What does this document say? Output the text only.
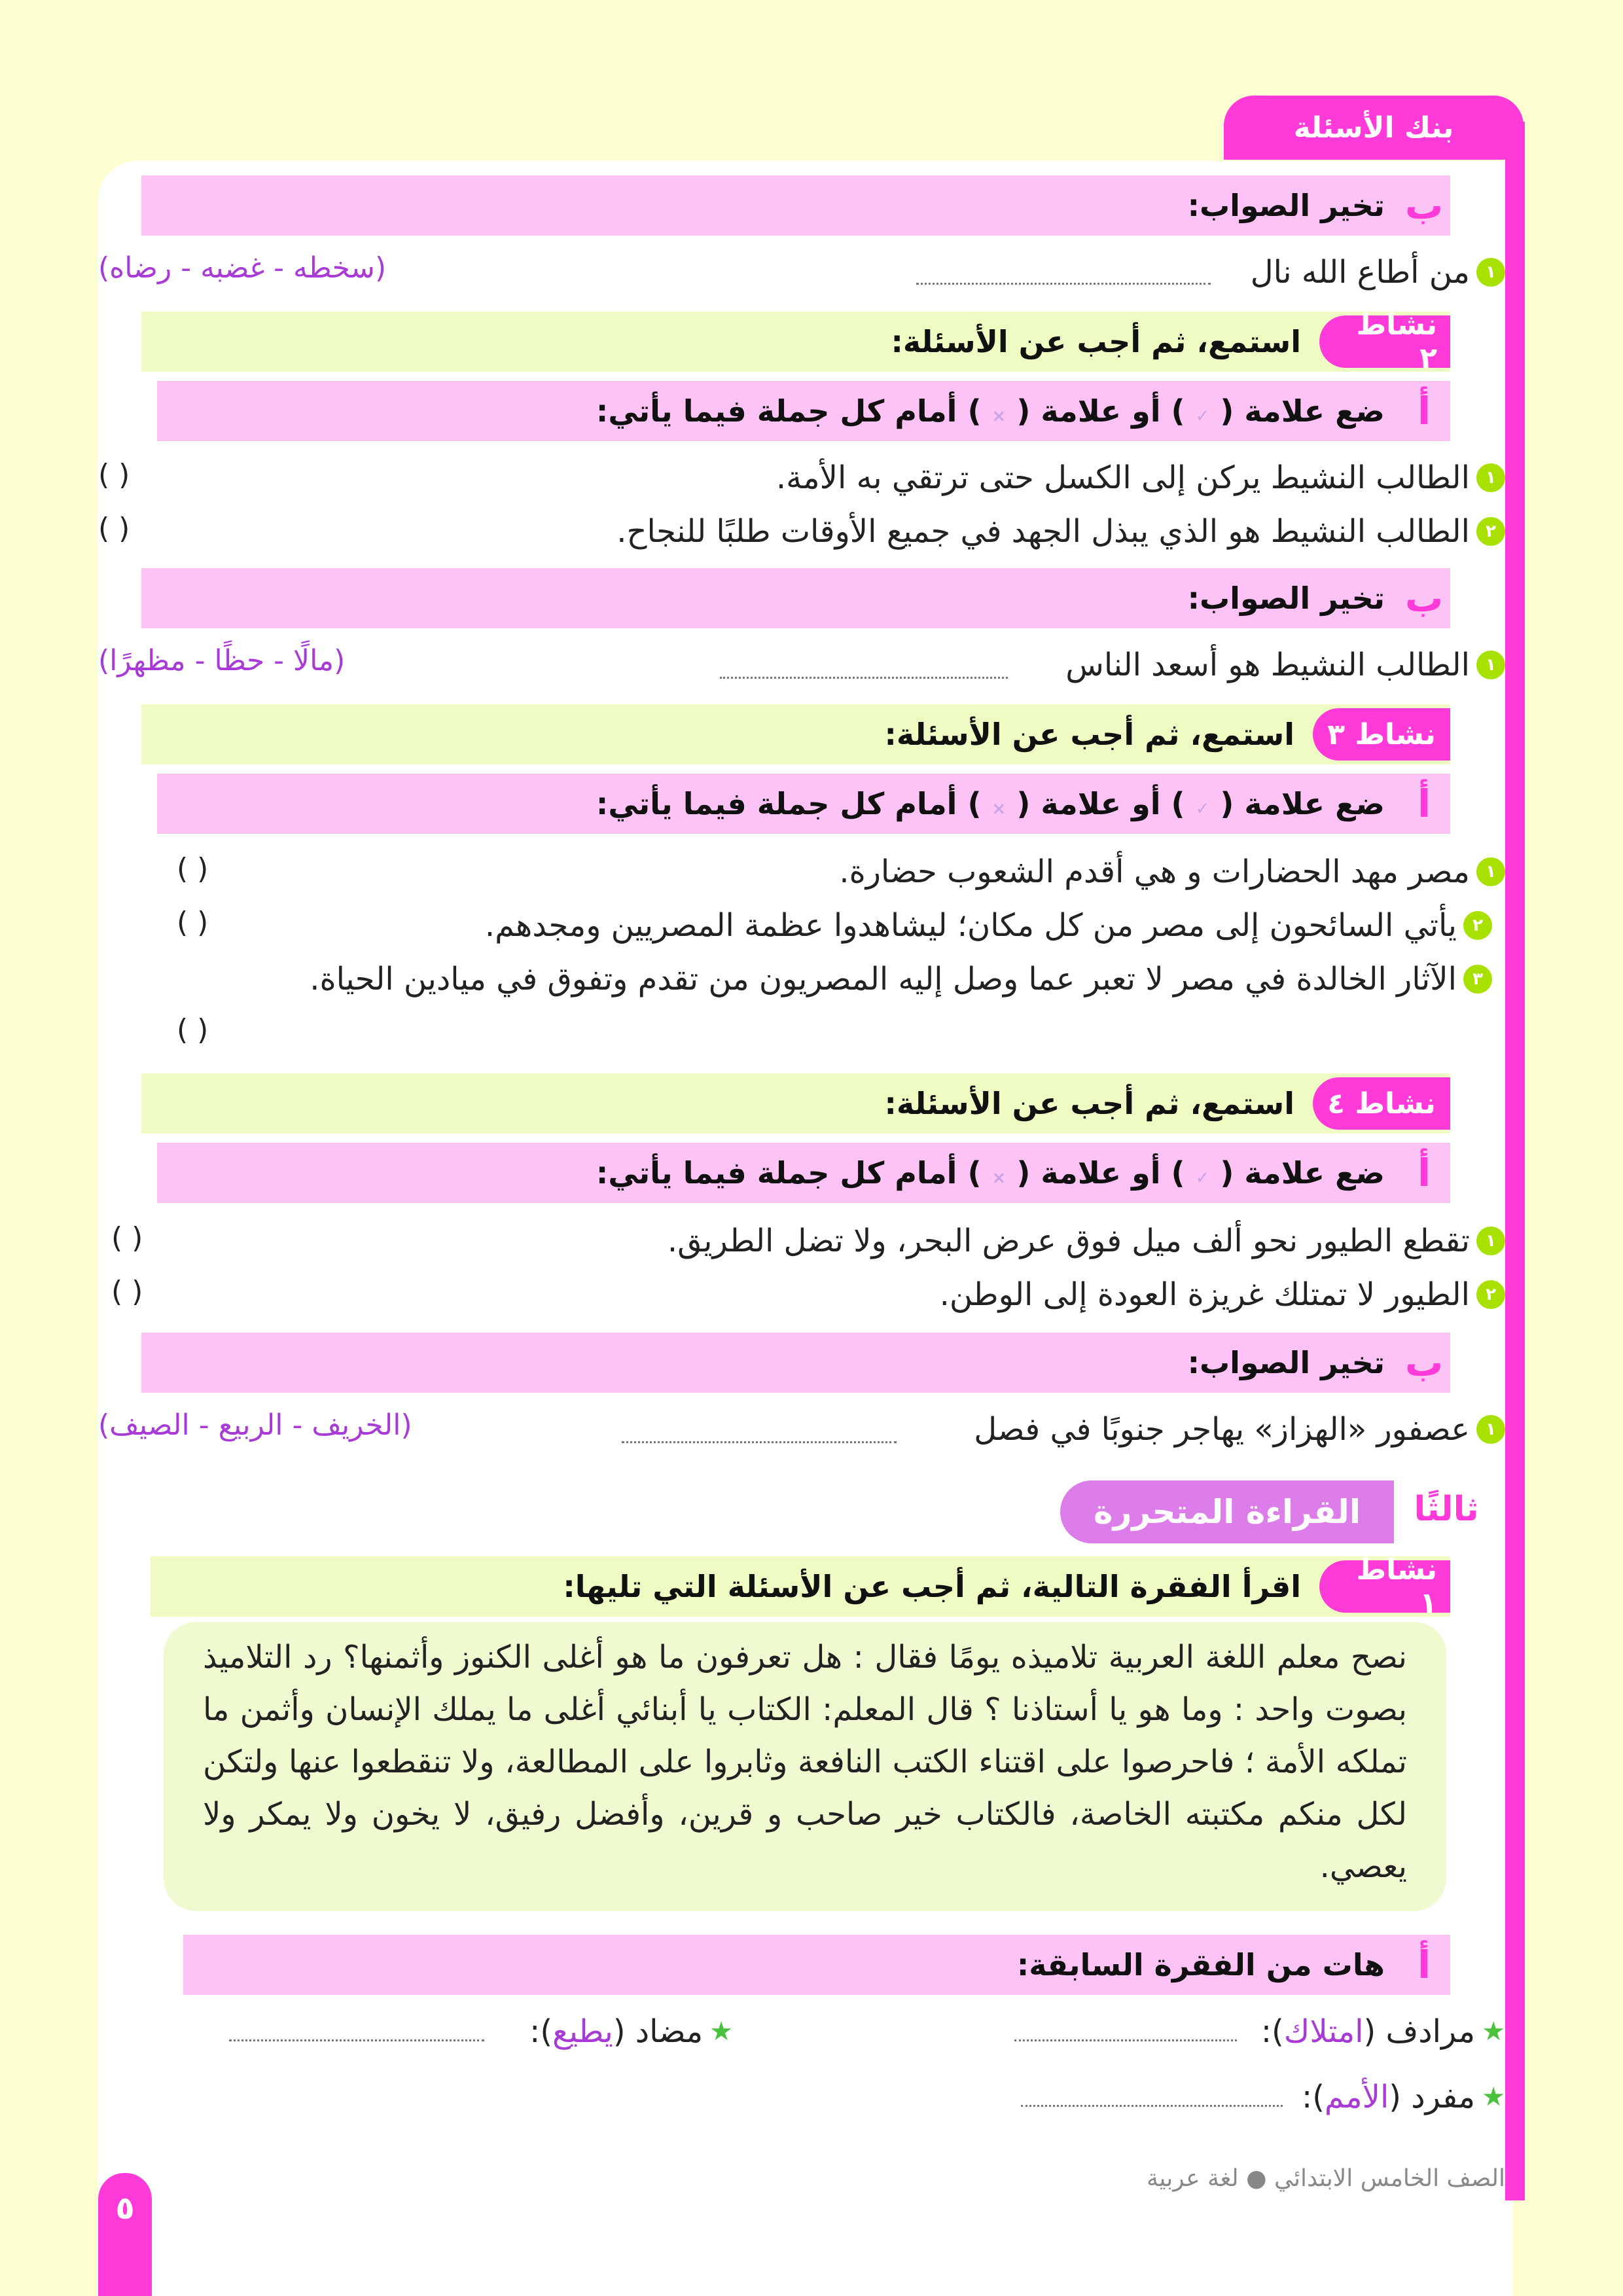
بنك الأسئلة
ب
تخير الصواب:
١
من أطاع الله نال
(سخطه - غضبه - رضاه)
نشاط ٢
استمع، ثم أجب عن الأسئلة:
أ
ضع علامة ( ✓ ) أو علامة ( × ) أمام كل جملة فيما يأتي:
١
الطالب النشيط يركن إلى الكسل حتى ترتقي به الأمة.
( )
٢
الطالب النشيط هو الذي يبذل الجهد في جميع الأوقات طلبًا للنجاح.
( )
ب
تخير الصواب:
١
الطالب النشيط هو أسعد الناس
(مالًا - حظًا - مظهرًا)
نشاط ٣
استمع، ثم أجب عن الأسئلة:
أ
ضع علامة ( ✓ ) أو علامة ( × ) أمام كل جملة فيما يأتي:
١
مصر مهد الحضارات و هي أقدم الشعوب حضارة.
( )
٢
يأتي السائحون إلى مصر من كل مكان؛ ليشاهدوا عظمة المصريين ومجدهم.
( )
٣
الآثار الخالدة في مصر لا تعبر عما وصل إليه المصريون من تقدم وتفوق في ميادين الحياة.
( )
نشاط ٤
استمع، ثم أجب عن الأسئلة:
أ
ضع علامة ( ✓ ) أو علامة ( × ) أمام كل جملة فيما يأتي:
١
تقطع الطيور نحو ألف ميل فوق عرض البحر، ولا تضل الطريق.
( )
٢
الطيور لا تمتلك غريزة العودة إلى الوطن.
( )
ب
تخير الصواب:
١
عصفور «الهزاز» يهاجر جنوبًا في فصل
(الخريف - الربيع - الصيف)
القراءة المتحررة ثالثًا
نشاط ١
اقرأ الفقرة التالية، ثم أجب عن الأسئلة التي تليها:
نصح معلم اللغة العربية تلاميذه يومًا فقال : هل تعرفون ما هو أغلى الكنوز وأثمنها؟ رد التلاميذ بصوت واحد : وما هو يا أستاذنا ؟ قال المعلم: الكتاب يا أبنائي أغلى ما يملك الإنسان وأثمن ما تملكه الأمة ؛ فاحرصوا على اقتناء الكتب النافعة وثابروا على المطالعة، ولا تنقطعوا عنها ولتكن لكل منكم مكتبته الخاصة، فالكتاب خير صاحب و قرين، وأفضل رفيق، لا يخون ولا يمكر ولا يعصي.
أ
هات من الفقرة السابقة:
★
مرادف (
امتلاك
):
★
مضاد (
يطيع
):
★
مفرد (
الأمم
):
الصف الخامس الابتدائي ● لغة عربية
٥
